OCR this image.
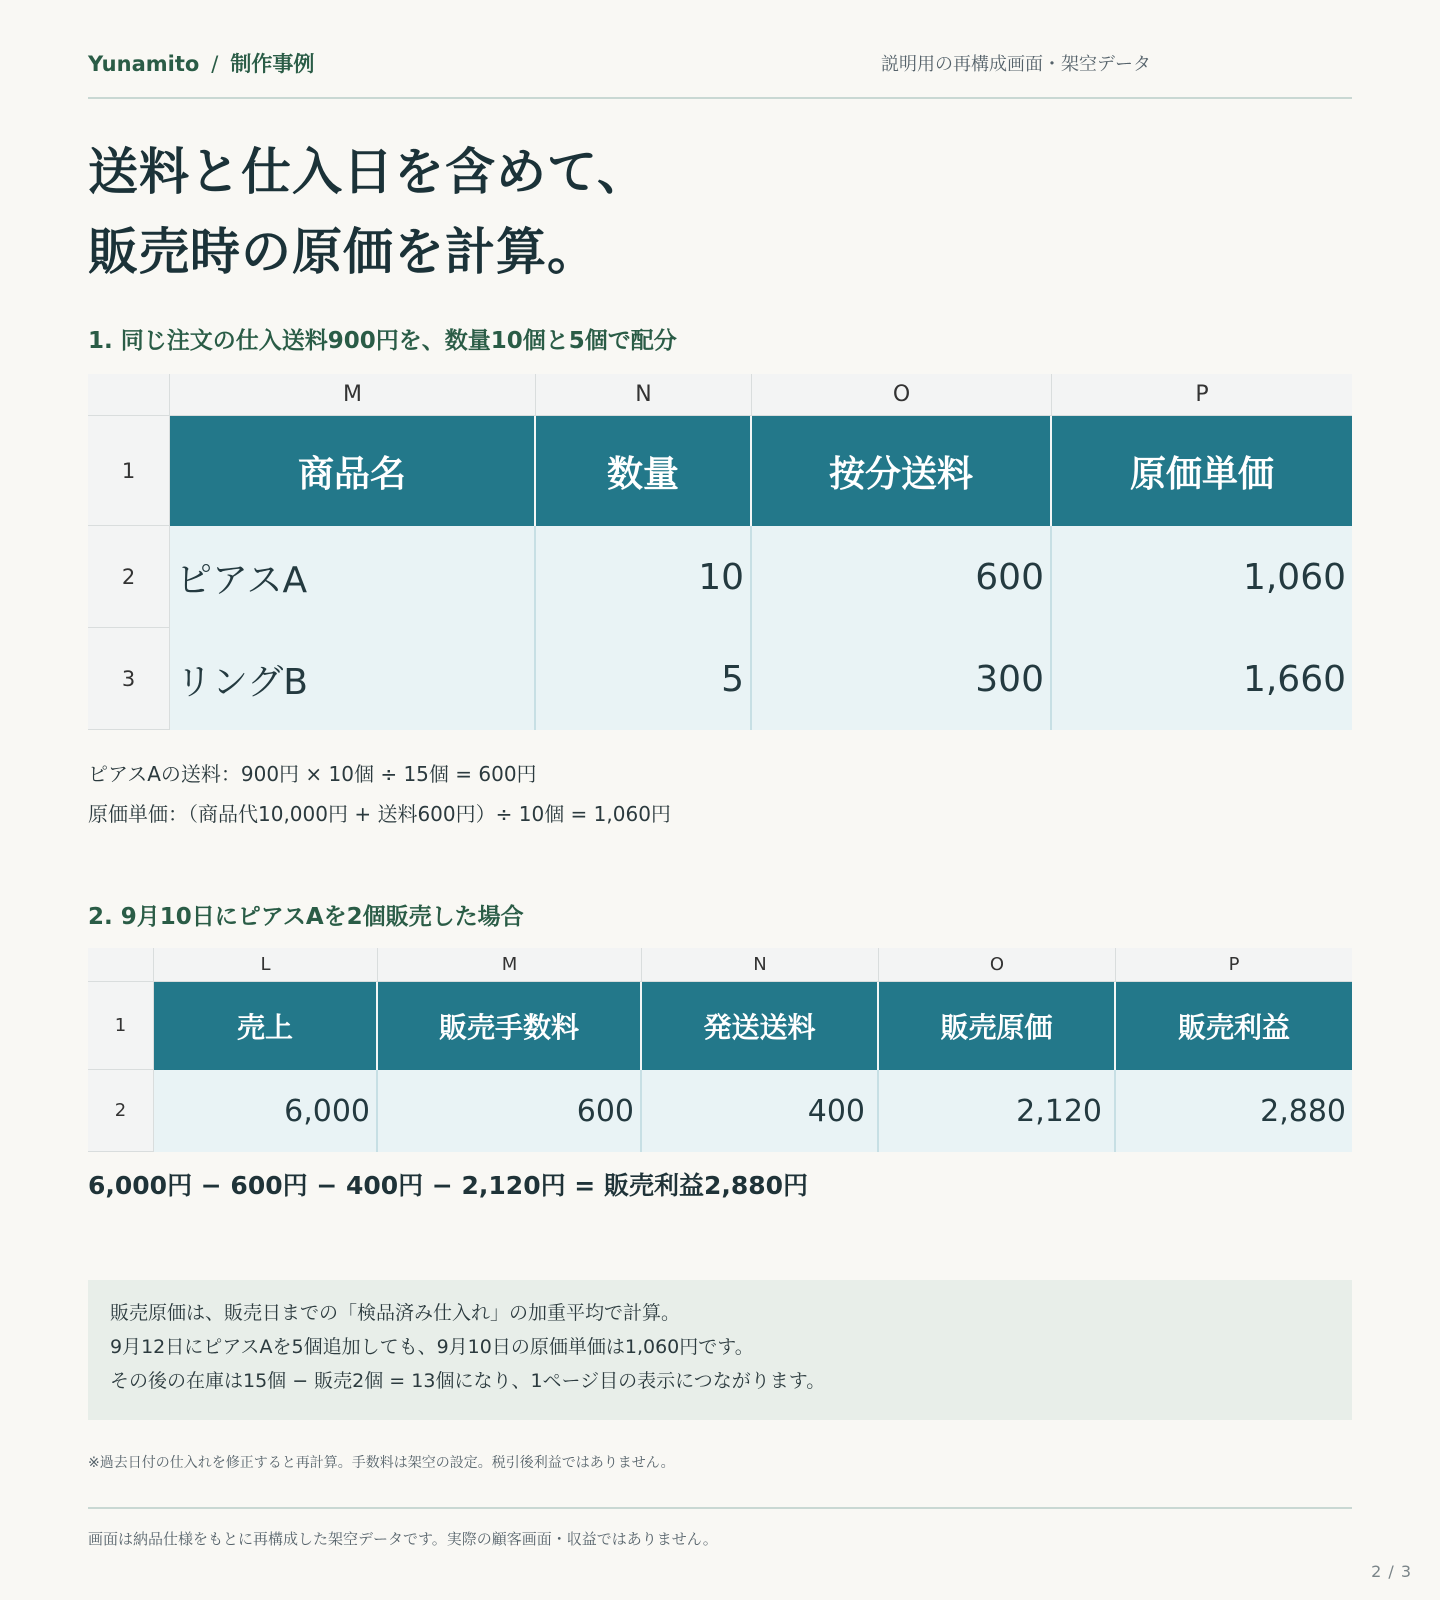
Yunamito / 制作事例	説明用の再構成画面・架空データ
送料と仕入日を含めて、
販売時の原価を計算。
1. 同じ注文の仕入送料900円を、数量10個と5個で配分
M	N	O	P
1	商品名	数量	按分送料	原価単価
2	ピアスA	10	600	1,060
3	リングB	5	300	1,660
ピアスAの送料：900円 × 10個 ÷ 15個 = 600円
原価単価：（商品代10,000円 + 送料600円）÷ 10個 = 1,060円
2. 9月10日にピアスAを2個販売した場合
L	M	N	O	P
1	売上	販売手数料	発送送料	販売原価	販売利益
2	6,000	600	400	2,120	2,880
6,000円 − 600円 − 400円 − 2,120円 = 販売利益2,880円
販売原価は、販売日までの「検品済み仕入れ」の加重平均で計算。
9月12日にピアスAを5個追加しても、9月10日の原価単価は1,060円です。
その後の在庫は15個 − 販売2個 = 13個になり、1ページ目の表示につながります。
※過去日付の仕入れを修正すると再計算。手数料は架空の設定。税引後利益ではありません。
画面は納品仕様をもとに再構成した架空データです。実際の顧客画面・収益ではありません。
2 / 3
